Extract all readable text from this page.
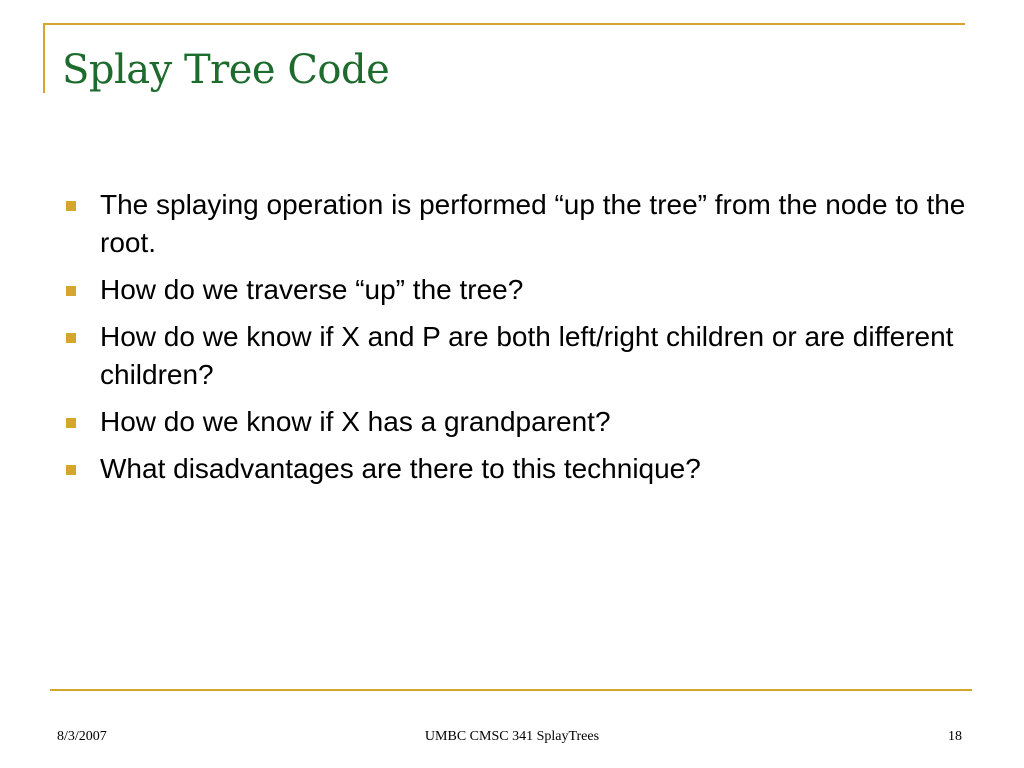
Splay Tree Code
The splaying operation is performed “up the tree” from the node to the root.
How do we traverse “up” the tree?
How do we know if X and P are both left/right children or are different children?
How do we know if X has a grandparent?
What disadvantages are there to this technique?
8/3/2007	UMBC CMSC 341 SplayTrees	18
